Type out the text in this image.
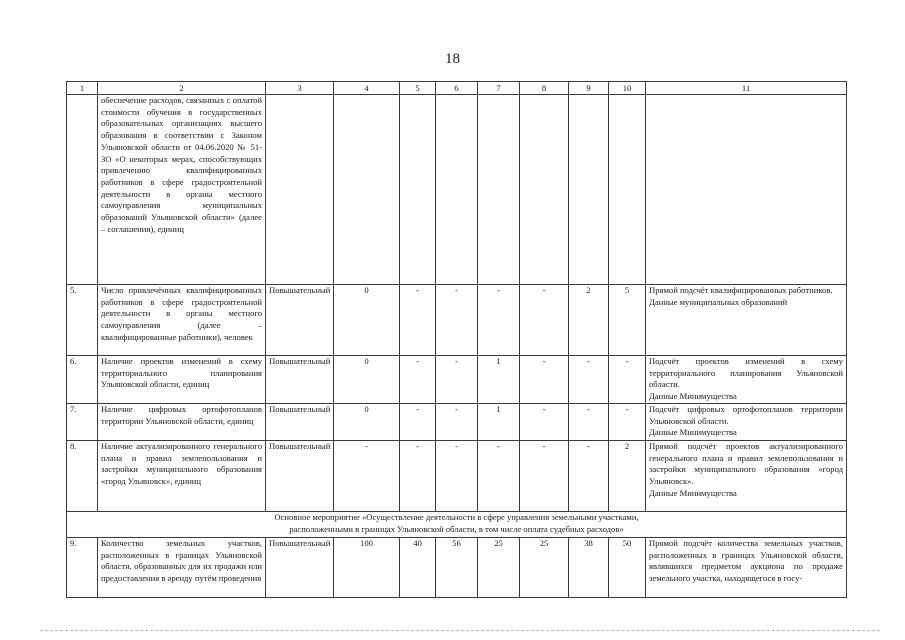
18
1	2	3	4	5	6	7	8	9	10	11
	обеспечение расходов, связанных с оплатой стоимости обучения в государственных образовательных организациях высшего образования в соответствии с Законом Ульяновской области от 04.06.2020 № 51-ЗО «О некоторых мерах, способствующих привлечению квалифицированных работников в сфере градостроительной деятельности в органы местного самоуправления муниципальных образований Ульяновской области» (далее – соглашения), единиц									
5.	Число привлечённых квалифицированных работников в сфере градостроительной деятельности в органы местного самоуправления (далее – квалифицированные работники), человек	Повышательный	0	-	-	-	-	2	5	Прямой подсчёт квалифицированных работников.
Данные муниципальных образований

6.	Наличие проектов изменений в схему территориального планирования Ульяновской области, единиц	Повышательный	0	-	-	1	-	-	-	Подсчёт проектов изменений в схему территориального планирования Ульяновской области.
Данные Минимущества

7.	Наличие цифровых ортофотопланов территории Ульяновской области, единиц	Повышательный	0	-	-	1	-	-	-	Подсчёт цифровых ортофотопланов территории Ульяновской области.
Данные Минимущества

8.	Наличие актуализированного генерального плана и правил землепользования и застройки муниципального образования «город Ульяновск», единиц	Повышательный	-	-	-	-	-	-	2	Прямой подсчёт проектов актуализированного генерального плана и правил землепользования и застройки муниципального образования «город Ульяновск».
Данные Минимущества

Основное мероприятие «Осуществление деятельности в сфере управления земельными участками,
расположенными в границах Ульяновской области, в том числе оплата судебных расходов»										

9.	Количество земельных участков, расположенных в границах Ульяновской области, образованных для их продажи или предоставления в аренду путём проведения	Повышательный	100	40	56	25	25	38	50	Прямой подсчёт количества земельных участков, расположенных в границах Ульяновской области, являвшихся предметом аукциона по продаже земельного участка, находящегося в госу-
